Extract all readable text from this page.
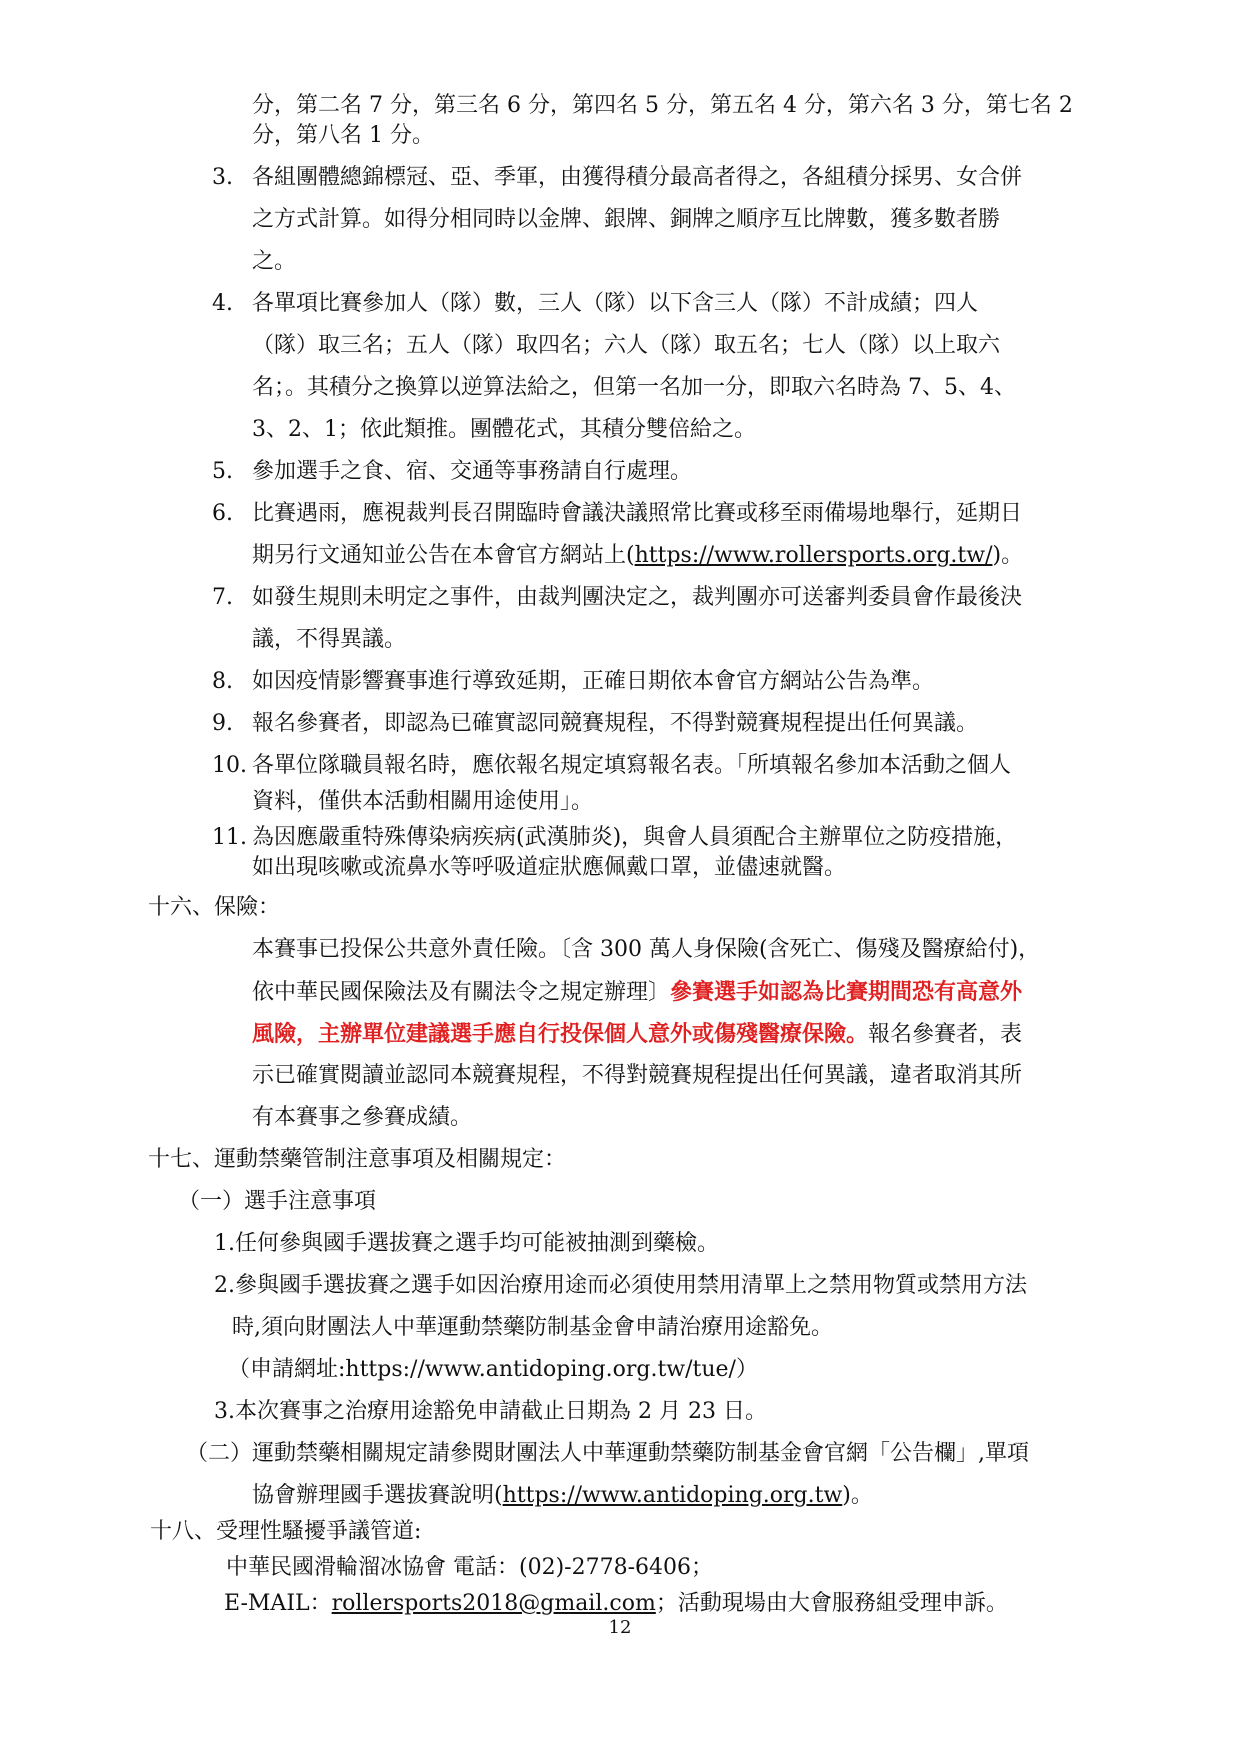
分，第二名 7 分，第三名 6 分，第四名 5 分，第五名 4 分，第六名 3 分，第七名 2
分，第八名 1 分。
3. 各組團體總錦標冠、亞、季軍，由獲得積分最高者得之，各組積分採男、女合併
之方式計算。如得分相同時以金牌、銀牌、銅牌之順序互比牌數，獲多數者勝
之。
4. 各單項比賽參加人（隊）數，三人（隊）以下含三人（隊）不計成績；四人
（隊）取三名；五人（隊）取四名；六人（隊）取五名；七人（隊）以上取六
名；。其積分之換算以逆算法給之，但第一名加一分，即取六名時為 7、5、4、
3、2、1；依此類推。團體花式，其積分雙倍給之。
5. 參加選手之食、宿、交通等事務請自行處理。
6. 比賽遇雨，應視裁判長召開臨時會議決議照常比賽或移至雨備場地舉行，延期日
期另行文通知並公告在本會官方網站上(https://www.rollersports.org.tw/)。
7. 如發生規則未明定之事件，由裁判團決定之，裁判團亦可送審判委員會作最後決
議，不得異議。
8. 如因疫情影響賽事進行導致延期，正確日期依本會官方網站公告為準。
9. 報名參賽者，即認為已確實認同競賽規程，不得對競賽規程提出任何異議。
10. 各單位隊職員報名時，應依報名規定填寫報名表。「所填報名參加本活動之個人
資料，僅供本活動相關用途使用」。
11. 為因應嚴重特殊傳染病疾病(武漢肺炎)，與會人員須配合主辦單位之防疫措施，
如出現咳嗽或流鼻水等呼吸道症狀應佩戴口罩，並儘速就醫。
十六、保險：
本賽事已投保公共意外責任險。〔含 300 萬人身保險(含死亡、傷殘及醫療給付)，
依中華民國保險法及有關法令之規定辦理〕參賽選手如認為比賽期間恐有高意外
風險，主辦單位建議選手應自行投保個人意外或傷殘醫療保險。報名參賽者，表
示已確實閱讀並認同本競賽規程，不得對競賽規程提出任何異議，違者取消其所
有本賽事之參賽成績。
十七、運動禁藥管制注意事項及相關規定：
（一）選手注意事項
1.任何參與國手選拔賽之選手均可能被抽測到藥檢。
2.參與國手選拔賽之選手如因治療用途而必須使用禁用清單上之禁用物質或禁用方法
時,須向財團法人中華運動禁藥防制基金會申請治療用途豁免。
（申請網址:https://www.antidoping.org.tw/tue/）
3.本次賽事之治療用途豁免申請截止日期為 2 月 23 日。
（二）運動禁藥相關規定請參閱財團法人中華運動禁藥防制基金會官網「公告欄」,單項
協會辦理國手選拔賽說明(https://www.antidoping.org.tw)。
十八、受理性騷擾爭議管道:
中華民國滑輪溜冰協會 電話：(02)-2778-6406；
E-MAIL：rollersports2018@gmail.com；活動現場由大會服務組受理申訴。
12
